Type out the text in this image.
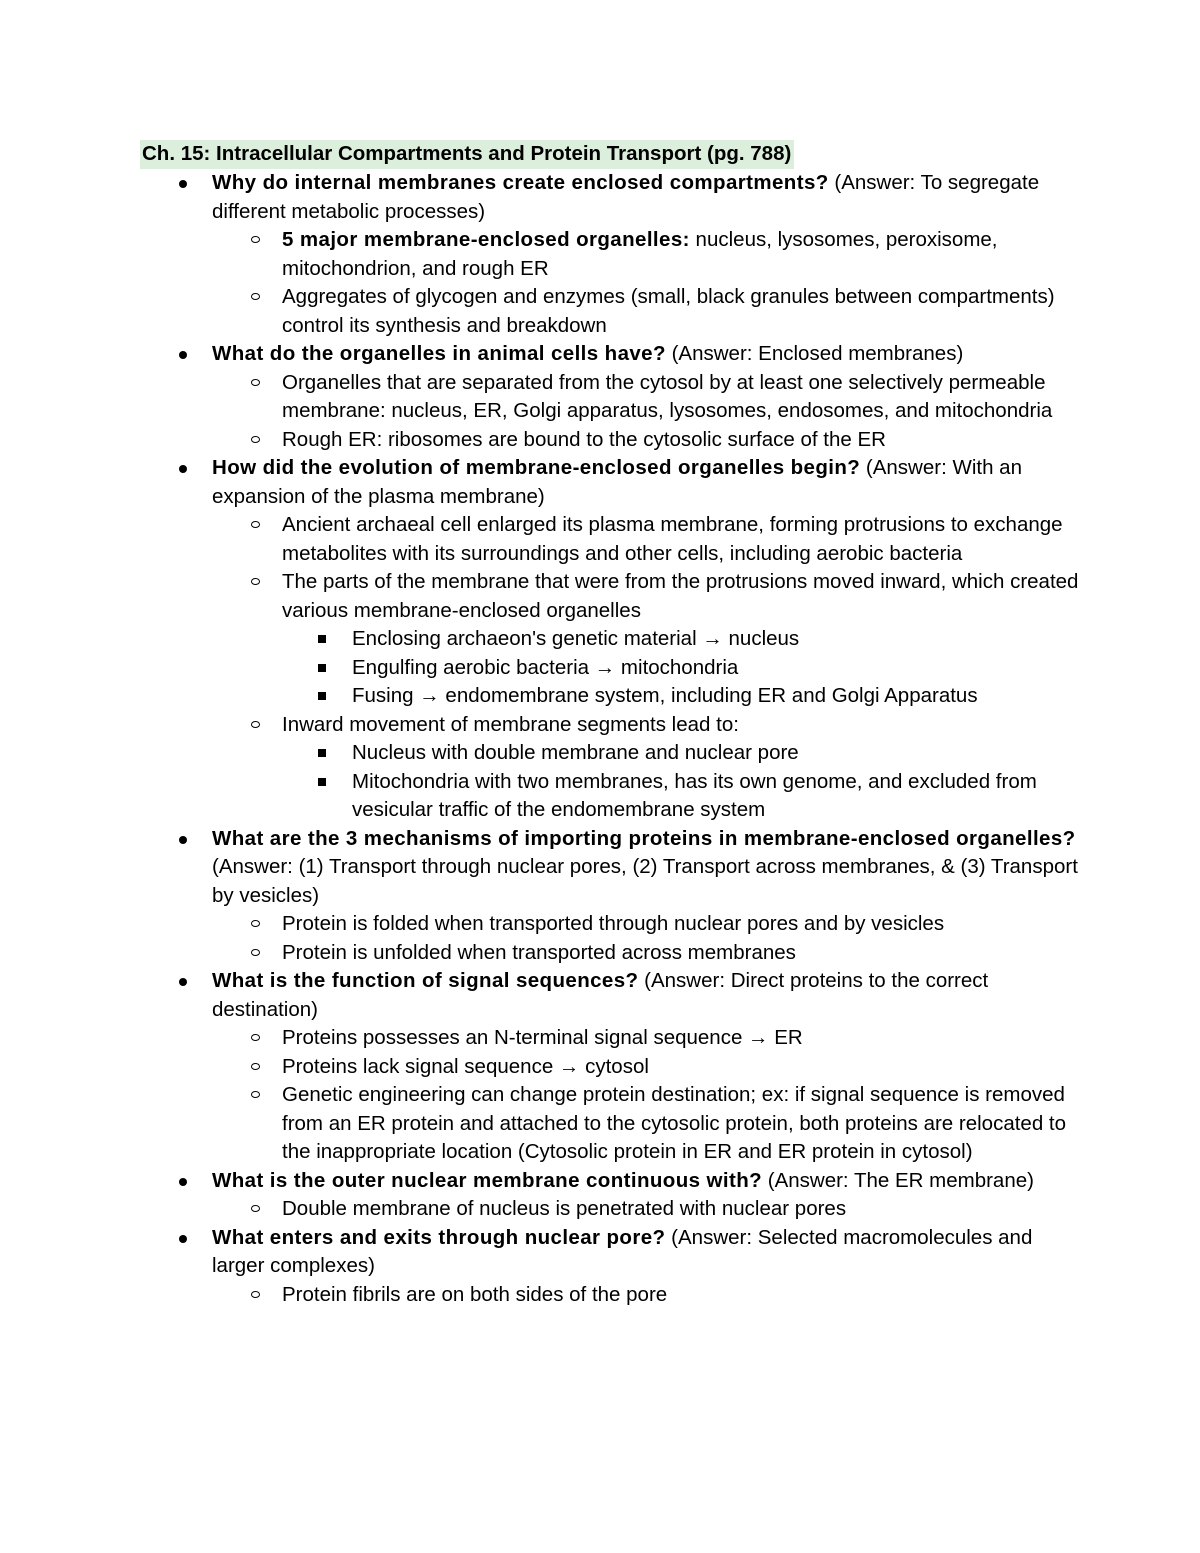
Ch. 15: Intracellular Compartments and Protein Transport (pg. 788)
Why do internal membranes create enclosed compartments? (Answer: To segregate different metabolic processes)
5 major membrane-enclosed organelles: nucleus, lysosomes, peroxisome, mitochondrion, and rough ER
Aggregates of glycogen and enzymes (small, black granules between compartments) control its synthesis and breakdown
What do the organelles in animal cells have? (Answer: Enclosed membranes)
Organelles that are separated from the cytosol by at least one selectively permeable membrane: nucleus, ER, Golgi apparatus, lysosomes, endosomes, and mitochondria
Rough ER: ribosomes are bound to the cytosolic surface of the ER
How did the evolution of membrane-enclosed organelles begin? (Answer: With an expansion of the plasma membrane)
Ancient archaeal cell enlarged its plasma membrane, forming protrusions to exchange metabolites with its surroundings and other cells, including aerobic bacteria
The parts of the membrane that were from the protrusions moved inward, which created various membrane-enclosed organelles
Enclosing archaeon's genetic material → nucleus
Engulfing aerobic bacteria → mitochondria
Fusing → endomembrane system, including ER and Golgi Apparatus
Inward movement of membrane segments lead to:
Nucleus with double membrane and nuclear pore
Mitochondria with two membranes, has its own genome, and excluded from vesicular traffic of the endomembrane system
What are the 3 mechanisms of importing proteins in membrane-enclosed organelles? (Answer: (1) Transport through nuclear pores, (2) Transport across membranes, & (3) Transport by vesicles)
Protein is folded when transported through nuclear pores and by vesicles
Protein is unfolded when transported across membranes
What is the function of signal sequences? (Answer: Direct proteins to the correct destination)
Proteins possesses an N-terminal signal sequence → ER
Proteins lack signal sequence → cytosol
Genetic engineering can change protein destination; ex: if signal sequence is removed from an ER protein and attached to the cytosolic protein, both proteins are relocated to the inappropriate location (Cytosolic protein in ER and ER protein in cytosol)
What is the outer nuclear membrane continuous with? (Answer: The ER membrane)
Double membrane of nucleus is penetrated with nuclear pores
What enters and exits through nuclear pore? (Answer: Selected macromolecules and larger complexes)
Protein fibrils are on both sides of the pore
